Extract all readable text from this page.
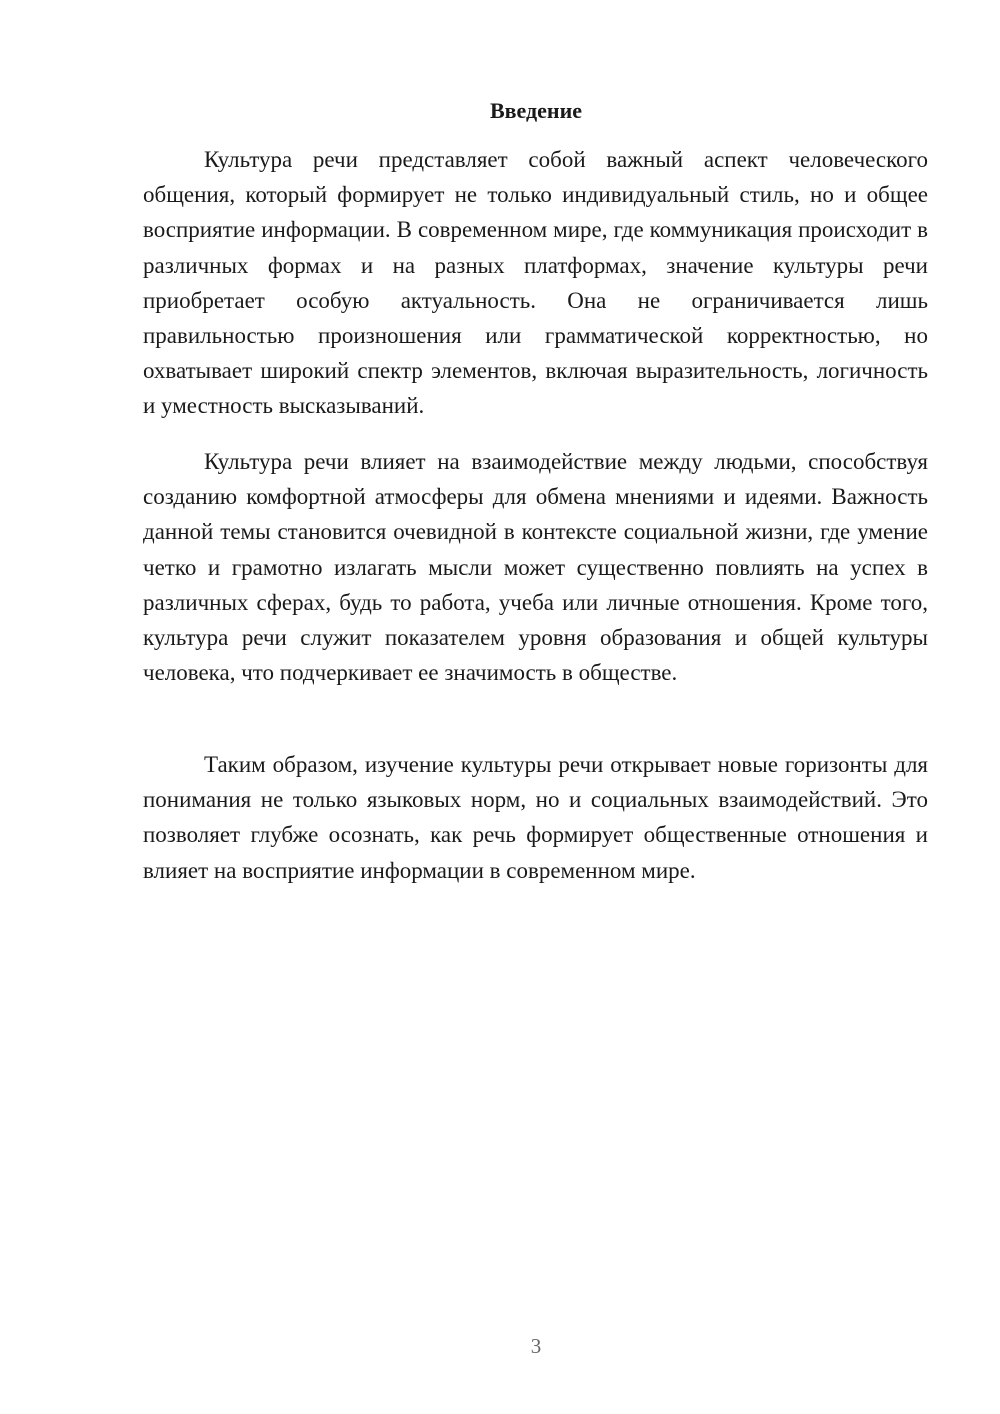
Введение

Культура речи представляет собой важный аспект человеческого общения, который формирует не только индивидуальный стиль, но и общее восприятие информации. В современном мире, где коммуникация происходит в различных формах и на разных платформах, значение культуры речи приобретает особую актуальность. Она не ограничивается лишь правильностью произношения или грамматической корректностью, но охватывает широкий спектр элементов, включая выразительность, логичность и уместность высказываний.

Культура речи влияет на взаимодействие между людьми, способствуя созданию комфортной атмосферы для обмена мнениями и идеями. Важность данной темы становится очевидной в контексте социальной жизни, где умение четко и грамотно излагать мысли может существенно повлиять на успех в различных сферах, будь то работа, учеба или личные отношения. Кроме того, культура речи служит показателем уровня образования и общей культуры человека, что подчеркивает ее значимость в обществе.

Таким образом, изучение культуры речи открывает новые горизонты для понимания не только языковых норм, но и социальных взаимодействий. Это позволяет глубже осознать, как речь формирует общественные отношения и влияет на восприятие информации в современном мире.

3
